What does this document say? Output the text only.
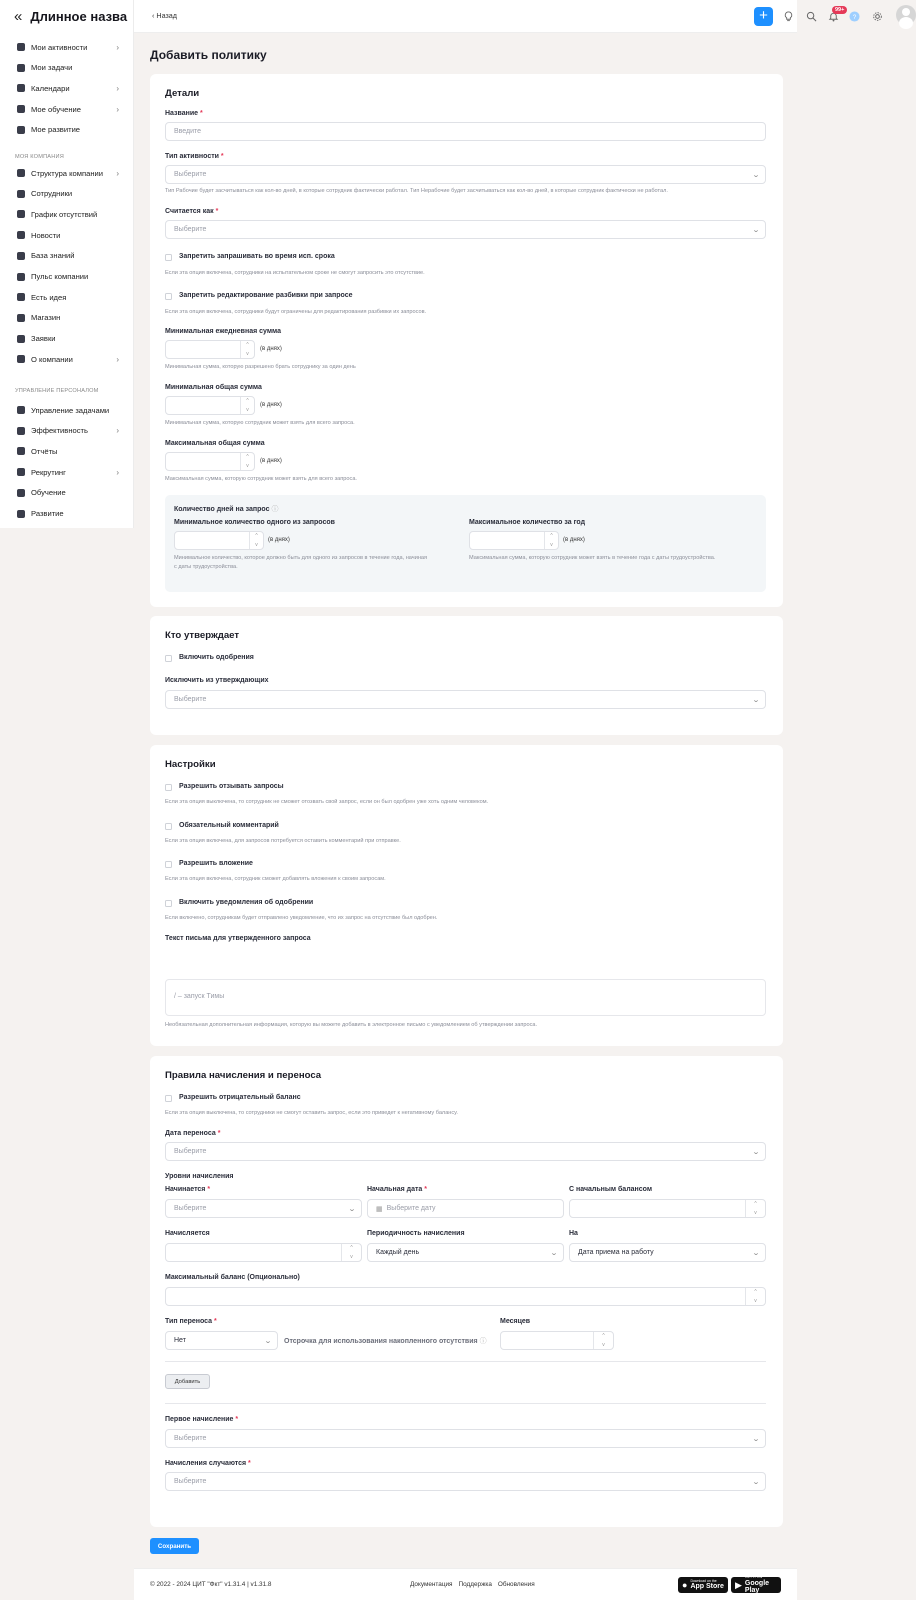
« Длинное назва
Мои активности	›
Мои задачи
Календари	›
Мое обучение	›
Мое развитие
Структура компании ›
Сотрудники
График отсутствий
Новости
База знаний
Пульс компании
Есть идея
Магазин
Заявки
О компании	›
Управление задачами
Эффективность	›
Отчёты
Рекрутинг	›
Обучение
Развитие
МОЯ КОМПАНИЯ
УПРАВЛЕНИЕ ПЕРСОНАЛОМ
‹ Назад	+	99+
?
Добавить политику
Детали
Название *
Введите
Тип активности *
Выберите	⌄
Тип Рабочие будет засчитываться как кол-во дней, в которые сотрудник фактически работал. Тип Нерабочие будет засчитываться как кол-во дней, в которые сотрудник фактически не работал.
Считается как *
Выберите	⌄
Запретить запрашивать во время исп. срока
Если эта опция включена, сотрудники на испытательном сроке не смогут запросить это отсутствие.
Запретить редактирование разбивки при запросе
Если эта опция включена, сотрудники будут ограничены для редактирования разбивки их запросов.
Минимальная ежедневная сумма
^
v
(в днях)
Минимальная сумма, которую разрешено брать сотруднику за один день
Минимальная общая сумма
^
v
(в днях)
Минимальная сумма, которую сотрудник может взять для всего запроса.
Максимальная общая сумма
^
v
(в днях)
Максимальная сумма, которую сотрудник может взять для всего запроса.
Количество дней на запрос ⓘ
Минимальное количество одного из запросов
^
v
(в днях)
Минимальное количество, которое должно быть для одного из запросов в течение года, начиная
с даты трудоустройства.
Максимальное количество за год
^
v
(в днях)
Максимальная сумма, которую сотрудник может взять в течение года с даты трудоустройства.
Кто утверждает
Включить одобрения
Исключить из утверждающих
Выберите	⌄
Настройки
Разрешить отзывать запросы
Если эта опция выключена, то сотрудник не сможет отозвать свой запрос, если он был одобрен уже хоть одним человеком.
Обязательный комментарий
Если эта опция включена, для запросов потребуется оставить комментарий при отправке.
Разрешить вложение
Если эта опция включена, сотрудник сможет добавлять вложения к своим запросам.
Включить уведомления об одобрении
Если включено, сотрудникам будет отправлено уведомление, что их запрос на отсутствие был одобрен.
Текст письма для утвержденного запроса
/ – запуск Тимы
Необязательная дополнительная информация, которую вы можете добавить в электронное письмо с уведомлением об утверждении запроса.
Правила начисления и переноса
Разрешить отрицательный баланс
Если эта опция выключена, то сотрудники не смогут оставить запрос, если это приведет к негативному балансу.
Дата переноса *
Выберите	⌄
Уровни начисления
Начинается *
Выберите	⌄
Начальная дата *
▦ Выберите дату
С начальным балансом
^
v
Начисляется
^
v
Периодичность начисления
Каждый день	⌄
На
Дата приема на работу	⌄
Максимальный баланс (Опционально)
^
v
Тип переноса *
Нет	⌄ Отсрочка для использования накопленного отсутствия ⓘ
Месяцев
^
v
Добавить
Первое начисление *
Выберите	⌄
Начисления случаются *
Выберите	⌄
Сохранить
© 2022 - 2024 ЦИТ "Фкт" v1.31.4 | v1.31.8	Документация Поддержка Обновления	● Download on the
App Store ▶
GET IT ON
Google Play
